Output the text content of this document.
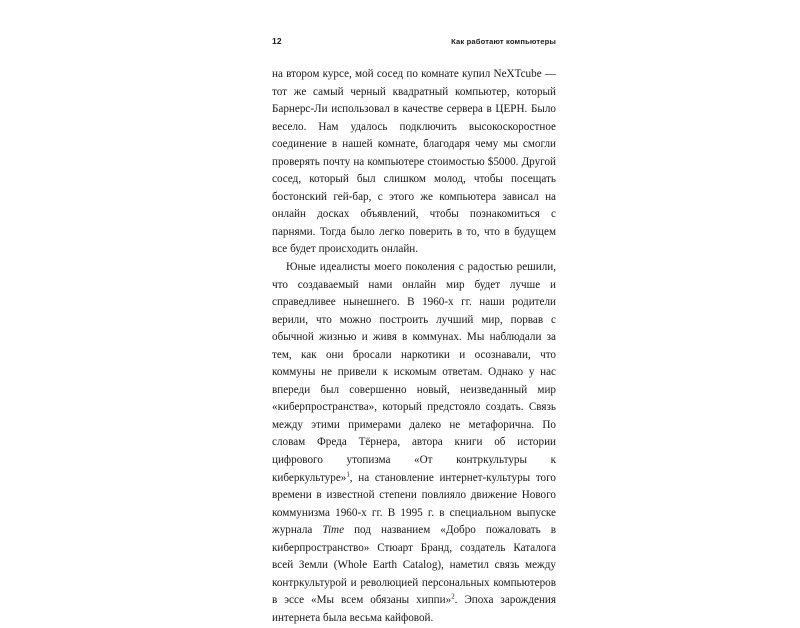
12	Как работают компьютеры

на втором курсе, мой сосед по комнате купил NeXTcube — тот же самый черный квадратный компьютер, который Барнерс-Ли использовал в качестве сервера в ЦЕРН. Было весело. Нам удалось подключить высокоскоростное соединение в нашей комнате, благодаря чему мы смогли проверять почту на компьютере стоимостью $5000. Другой сосед, который был слишком молод, чтобы посещать бостонский гей-бар, с этого же компьютера зависал на онлайн досках объявлений, чтобы познакомиться с парнями. Тогда было легко поверить в то, что в будущем все будет происходить онлайн.

Юные идеалисты моего поколения с радостью решили, что создаваемый нами онлайн мир будет лучше и справедливее нынешнего. В 1960-х гг. наши родители верили, что можно построить лучший мир, порвав с обычной жизнью и живя в коммунах. Мы наблюдали за тем, как они бросали наркотики и осознавали, что коммуны не привели к искомым ответам. Однако у нас впереди был совершенно новый, неизведанный мир «киберпространства», который предстояло создать. Связь между этими примерами далеко не метафорична. По словам Фреда Тёрнера, автора книги об истории цифрового утопизма «От контркультуры к киберкультуре»$^1$, на становление интернет-культуры того времени в известной степени повлияло движение Нового коммунизма 1960-х гг. В 1995 г. в специальном выпуске журнала Time под названием «Добро пожаловать в киберпространство» Стюарт Бранд, создатель Каталога всей Земли (Whole Earth Catalog), наметил связь между контркультурой и революцией персональных компьютеров в эссе «Мы всем обязаны хиппи»$^2$. Эпоха зарождения интернета была весьма кайфовой.
